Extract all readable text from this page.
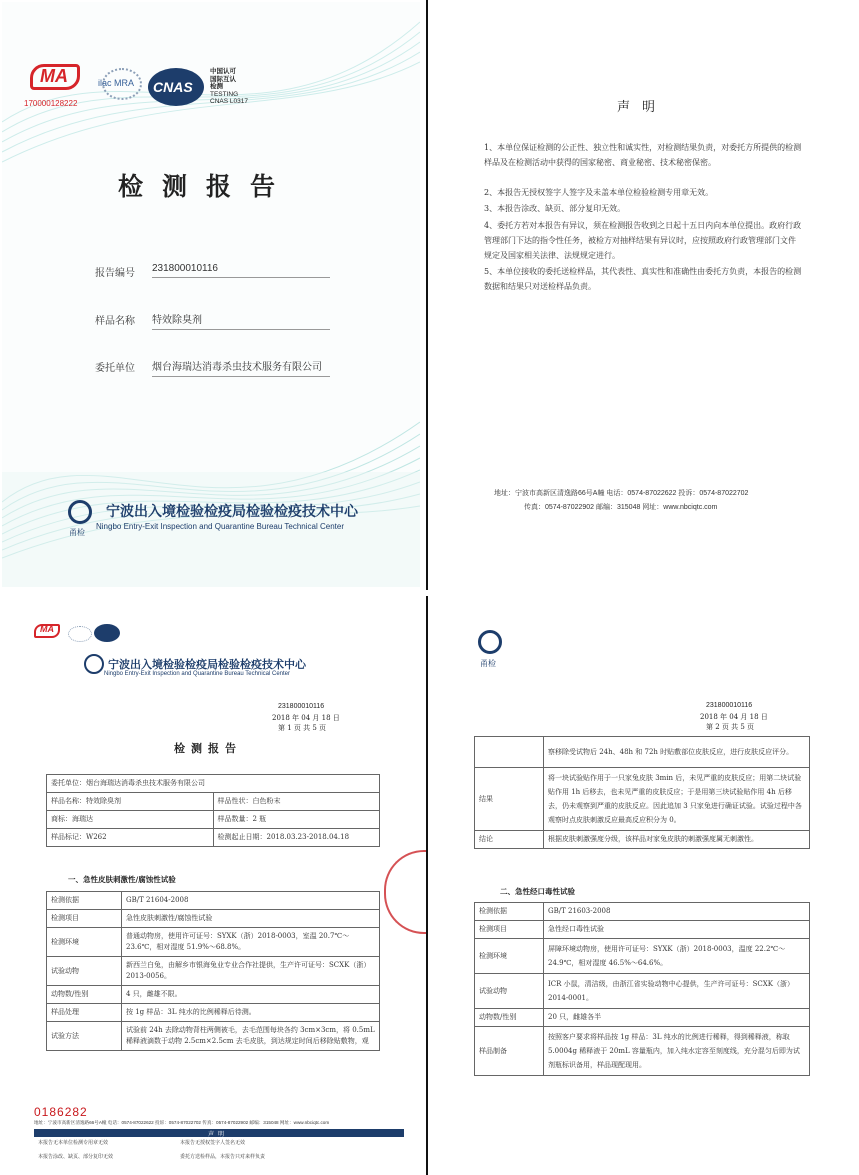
MA
170000128222
ilac MRA CNAS
中国认可
国际互认
检测
TESTING
CNAS L0317
检测报告
报告编号 231800010116
样品名称 特效除臭剂
委托单位 烟台海瑞达消毒杀虫技术服务有限公司
甬检
宁波出入境检验检疫局检验检疫技术中心
Ningbo Entry-Exit Inspection and Quarantine Bureau Technical Center
声明
1、本单位保证检测的公正性、独立性和诚实性，对检测结果负责，对委托方所提供的检测样品及在检测活动中获得的国家秘密、商业秘密、技术秘密保密。
2、本报告无授权签字人签字及未盖本单位检验检测专用章无效。
3、本报告涂改、缺页、部分复印无效。
4、委托方若对本报告有异议，须在检测报告收到之日起十五日内向本单位提出。政府行政管理部门下达的指令性任务，被检方对抽样结果有异议时，应按照政府行政管理部门文件规定及国家相关法律、法规规定进行。
5、本单位接收的委托送检样品，其代表性、真实性和准确性由委托方负责，本报告的检测数据和结果只对送检样品负责。
地址：宁波市高新区清逸路66号A幢 电话：0574-87022622 投诉：0574-87022702
传真：0574-87022902 邮编：315048 网址：www.nbciqtc.com
MA
宁波出入境检验检疫局检验检疫技术中心
Ningbo Entry-Exit Inspection and Quarantine Bureau Technical Center
231800010116
2018 年 04 月 18 日
第 1 页 共 5 页
检测报告
委托单位：烟台海瑞达消毒杀虫技术服务有限公司	
样品名称：特效除臭剂	样品性状：白色粉末
商标：海瑞达	样品数量：2 瓶
样品标记：W262	检测起止日期：2018.03.23-2018.04.18
一、急性皮肤刺激性/腐蚀性试验
检测依据	GB/T 21604-2008
检测项目	急性皮肤刺激性/腐蚀性试验
检测环境	普通动物房，使用许可证号：SYXK（浙）2018-0003，室温 20.7℃～23.6℃，相对湿度 51.9%～68.8%。
试验动物	新西兰白兔，由解乡市银海兔业专业合作社提供，生产许可证号：SCXK（浙）2013-0056。
动物数/性别	4 只，雌雄不限。
样品处理	按 1g 样品：3L 纯水的比例稀释后待测。
试验方法	试验前 24h 去除动物背柱两侧被毛，去毛范围每块各约 3cm×3cm，将 0.5mL 稀释液滴数于动物 2.5cm×2.5cm 去毛皮肤，到达规定时间后移除贴敷物，观
0186282
地址：宁波市高新区清逸路66号A幢 电话：0574-87022622 投诉：0574-87022702 传真：0574-87022902 邮编：315048 网址：www.nbciqtc.com
声明
本报告无本单位检测专用章无效	本报告无授权签字人签名无效
本报告涂改、缺页、部分复印无效	委托方送检样品，本报告只对来样负责
甬检
231800010116
2018 年 04 月 18 日
第 2 页 共 5 页
	察移除受试物后 24h、48h 和 72h 时贴敷部位皮肤反应，进行皮肤反应评分。
结果	将一块试验贴作用于一只家兔皮肤 3min 后，未见严重的皮肤反应；用第二块试验贴作用 1h 后移去，也未见严重的皮肤反应；于是用第三块试验贴作用 4h 后移去，仍未观察到严重的皮肤反应。因此追加 3 只家兔进行确证试验。试验过程中各观察时点皮肤刺激反应最高反应积分为 0。
结论	根据皮肤刺激强度分级，该样品对家兔皮肤的刺激强度属无刺激性。
二、急性经口毒性试验
检测依据	GB/T 21603-2008
检测项目	急性经口毒性试验
检测环境	屏障环境动物房，使用许可证号：SYXK（浙）2018-0003，温度 22.2℃～24.9℃，相对湿度 46.5%～64.6%。
试验动物	ICR 小鼠，清洁级，由浙江省实验动物中心提供，生产许可证号：SCXK（浙）2014-0001。
动物数/性别	20 只，雌雄各半
样品制备	按照客户要求将样品按 1g 样品：3L 纯水的比例进行稀释，得到稀释液，称取 5.0004g 稀释液于 20mL 容量瓶内，加入纯水定容至刻度线，充分混匀后即为试剂瓶标识备用，样品现配现用。
